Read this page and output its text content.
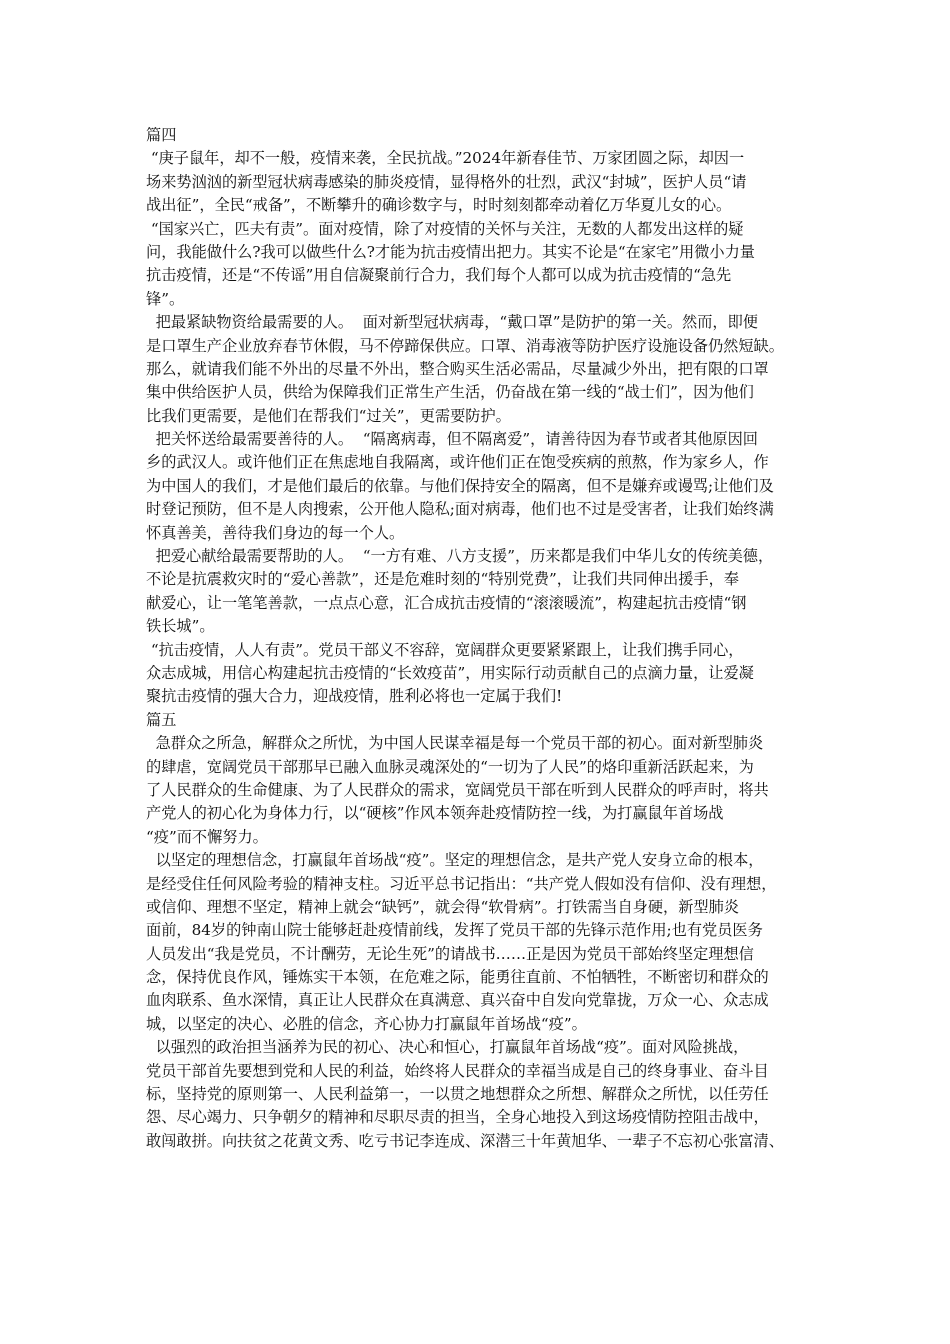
篇四
“庚子鼠年，却不一般，疫情来袭，全民抗战。”2024年新春佳节、万家团圆之际，却因一
场来势汹汹的新型冠状病毒感染的肺炎疫情，显得格外的壮烈，武汉“封城”，医护人员“请
战出征”，全民“戒备”，不断攀升的确诊数字与，时时刻刻都牵动着亿万华夏儿女的心。
“国家兴亡，匹夫有责”。面对疫情，除了对疫情的关怀与关注，无数的人都发出这样的疑
问，我能做什么?我可以做些什么?才能为抗击疫情出把力。其实不论是“在家宅”用微小力量
抗击疫情，还是“不传谣”用自信凝聚前行合力，我们每个人都可以成为抗击疫情的“急先
锋”。
把最紧缺物资给最需要的人。  面对新型冠状病毒，“戴口罩”是防护的第一关。然而，即便
是口罩生产企业放弃春节休假，马不停蹄保供应。口罩、消毒液等防护医疗设施设备仍然短缺。
那么，就请我们能不外出的尽量不外出，整合购买生活必需品，尽量减少外出，把有限的口罩
集中供给医护人员，供给为保障我们正常生产生活，仍奋战在第一线的“战士们”，因为他们
比我们更需要，是他们在帮我们“过关”，更需要防护。
把关怀送给最需要善待的人。  “隔离病毒，但不隔离爱”，请善待因为春节或者其他原因回
乡的武汉人。或许他们正在焦虑地自我隔离，或许他们正在饱受疾病的煎熬，作为家乡人，作
为中国人的我们，才是他们最后的依靠。与他们保持安全的隔离，但不是嫌弃或谩骂;让他们及
时登记预防，但不是人肉搜索，公开他人隐私;面对病毒，他们也不过是受害者，让我们始终满
怀真善美，善待我们身边的每一个人。
把爱心献给最需要帮助的人。  “一方有难、八方支援”，历来都是我们中华儿女的传统美德，
不论是抗震救灾时的“爱心善款”，还是危难时刻的“特别党费”，让我们共同伸出援手，奉
献爱心，让一笔笔善款，一点点心意，汇合成抗击疫情的“滚滚暖流”，构建起抗击疫情“钢
铁长城”。
“抗击疫情，人人有责”。党员干部义不容辞，宽阔群众更要紧紧跟上，让我们携手同心，
众志成城，用信心构建起抗击疫情的“长效疫苗”，用实际行动贡献自己的点滴力量，让爱凝
聚抗击疫情的强大合力，迎战疫情，胜利必将也一定属于我们!
篇五
急群众之所急，解群众之所忧，为中国人民谋幸福是每一个党员干部的初心。面对新型肺炎
的肆虐，宽阔党员干部那早已融入血脉灵魂深处的“一切为了人民”的烙印重新活跃起来，为
了人民群众的生命健康、为了人民群众的需求，宽阔党员干部在听到人民群众的呼声时，将共
产党人的初心化为身体力行，以“硬核”作风本领奔赴疫情防控一线，为打赢鼠年首场战
“疫”而不懈努力。
以坚定的理想信念，打赢鼠年首场战“疫”。坚定的理想信念，是共产党人安身立命的根本，
是经受住任何风险考验的精神支柱。习近平总书记指出：“共产党人假如没有信仰、没有理想，
或信仰、理想不坚定，精神上就会“缺钙”，就会得“软骨病”。打铁需当自身硬，新型肺炎
面前，84岁的钟南山院士能够赶赴疫情前线，发挥了党员干部的先锋示范作用;也有党员医务
人员发出“我是党员，不计酬劳，无论生死”的请战书……正是因为党员干部始终坚定理想信
念，保持优良作风，锤炼实干本领，在危难之际，能勇往直前、不怕牺牲，不断密切和群众的
血肉联系、鱼水深情，真正让人民群众在真满意、真兴奋中自发向党靠拢，万众一心、众志成
城，以坚定的决心、必胜的信念，齐心协力打赢鼠年首场战“疫”。
以强烈的政治担当涵养为民的初心、决心和恒心，打赢鼠年首场战“疫”。面对风险挑战，
党员干部首先要想到党和人民的利益，始终将人民群众的幸福当成是自己的终身事业、奋斗目
标，坚持党的原则第一、人民利益第一，一以贯之地想群众之所想、解群众之所忧，以任劳任
怨、尽心竭力、只争朝夕的精神和尽职尽责的担当，全身心地投入到这场疫情防控阻击战中，
敢闯敢拼。向扶贫之花黄文秀、吃亏书记李连成、深潜三十年黄旭华、一辈子不忘初心张富清、
